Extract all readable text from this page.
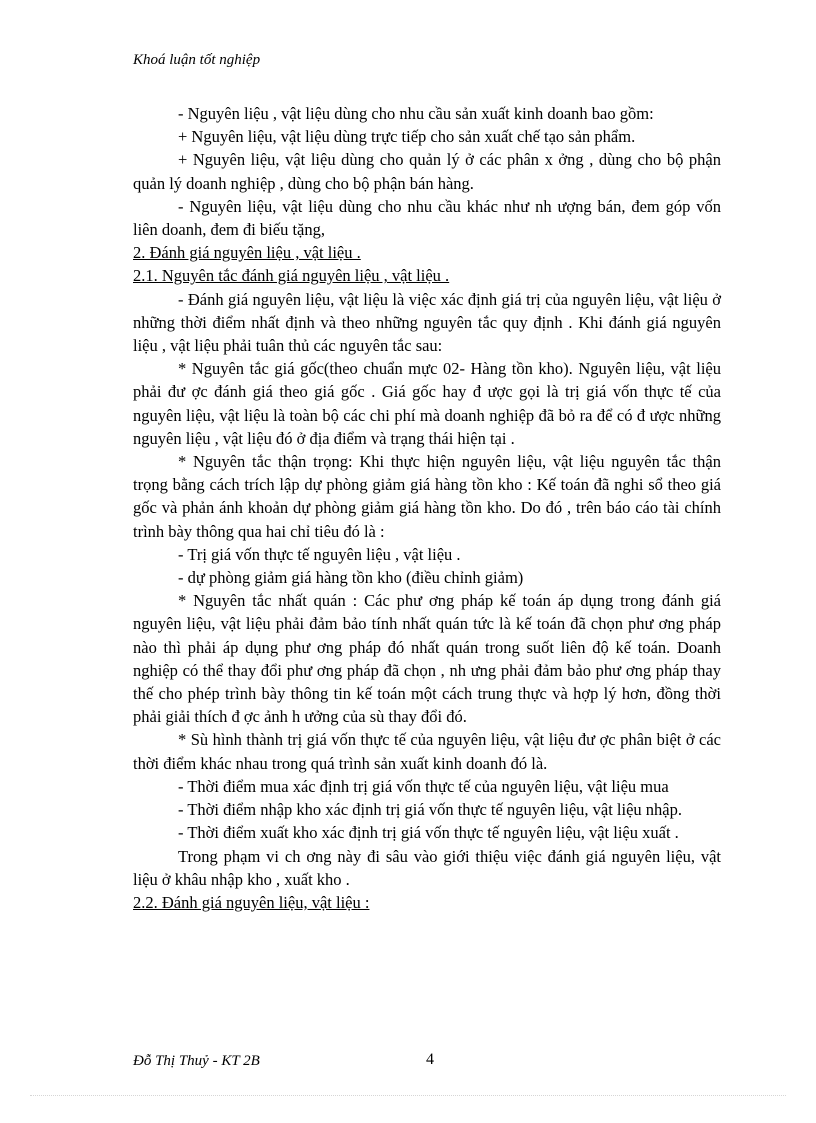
Khoá luận tốt nghiệp

- Nguyên liệu , vật liệu dùng cho nhu cầu sản xuất kinh doanh bao gồm:

+ Nguyên liệu, vật liệu dùng trực tiếp cho sản xuất chế tạo sản phẩm.

+ Nguyên liệu, vật liệu dùng cho quản lý ở các phân x ởng , dùng cho bộ phận quản lý doanh nghiệp , dùng cho bộ phận bán hàng.

- Nguyên liệu, vật liệu dùng cho nhu cầu khác như nh ượng bán, đem góp vốn liên doanh, đem đi biếu tặng,

2. Đánh giá nguyên liệu , vật liệu .

2.1. Nguyên tắc đánh giá nguyên liệu , vật liệu .

- Đánh giá nguyên liệu, vật liệu là việc xác định giá trị của nguyên liệu, vật liệu ở những thời điểm nhất định và theo những nguyên tắc quy định . Khi đánh giá nguyên liệu , vật liệu phải tuân thủ các nguyên tắc sau:

* Nguyên tắc giá gốc(theo chuẩn mực 02- Hàng tồn kho). Nguyên liệu, vật liệu phải đư ợc đánh giá theo giá gốc . Giá gốc hay đ ược gọi là trị giá vốn thực tế của nguyên liệu, vật liệu là toàn bộ các chi phí mà doanh nghiệp đã bỏ ra để có đ ược những nguyên liệu , vật liệu đó ở địa điểm và trạng thái hiện tại .

* Nguyên tắc thận trọng: Khi thực hiện nguyên liệu, vật liệu nguyên tắc thận trọng bằng cách trích lập dự phòng giảm giá hàng tồn kho : Kế toán đã nghi sổ theo giá gốc và phản ánh khoản dự phòng giảm giá hàng tồn kho. Do đó , trên báo cáo tài chính trình bày thông qua hai chỉ tiêu đó là :

- Trị giá vốn thực tế nguyên liệu , vật liệu .

- dự phòng giảm giá hàng tồn kho (điều chỉnh giảm)

* Nguyên tắc nhất quán : Các phư ơng pháp kế toán áp dụng trong đánh giá nguyên liệu, vật liệu phải đảm bảo tính nhất quán tức là kế toán đã chọn phư ơng pháp nào thì phải áp dụng phư ơng pháp đó nhất quán trong suốt liên độ kế toán. Doanh nghiệp có thể thay đổi phư ơng pháp đã chọn , nh ưng phải đảm bảo phư ơng pháp thay thế cho phép trình bày thông tin kế toán một cách trung thực và hợp lý hơn, đồng thời phải giải thích đ ợc ảnh h ưởng của sù thay đổi đó.

* Sù hình thành trị giá vốn thực tế của nguyên liệu, vật liệu đư ợc phân biệt ở các thời điểm khác nhau trong quá trình sản xuất kinh doanh đó là.

- Thời điểm mua xác định trị giá vốn thực tế của nguyên liệu, vật liệu mua

- Thời điểm nhập kho xác định trị giá vốn thực tế nguyên liệu, vật liệu nhập.

- Thời điểm xuất kho xác định trị giá vốn thực tế nguyên liệu, vật liệu xuất .

Trong phạm vi ch ơng này đi sâu vào giới thiệu việc đánh giá nguyên liệu, vật liệu ở khâu nhập kho , xuất kho .

2.2. Đánh giá nguyên liệu, vật liệu :

Đỗ Thị Thuỷ - KT 2B	4
